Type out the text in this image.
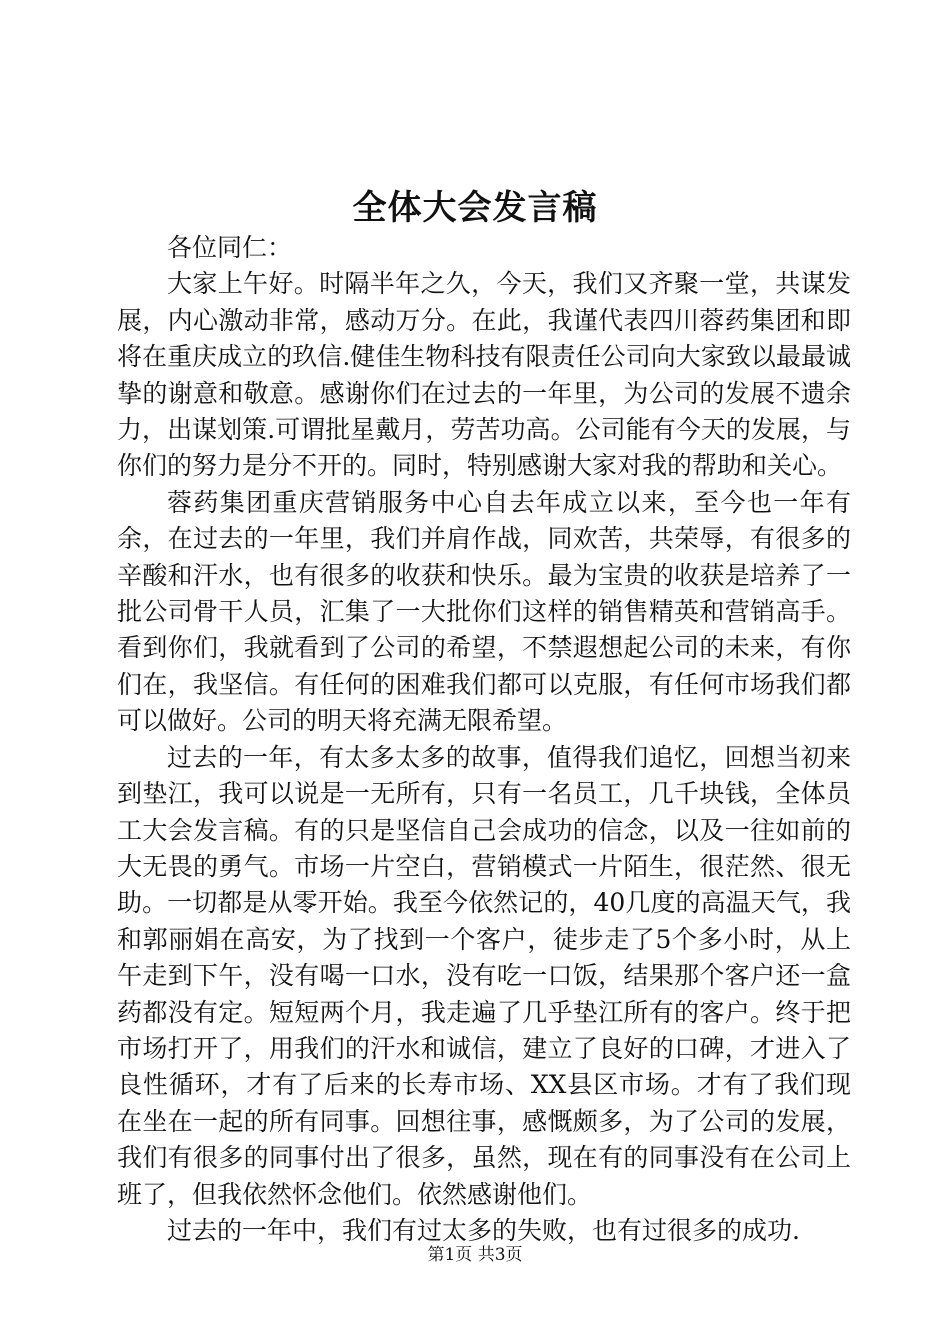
全体大会发言稿

各位同仁：

大家上午好。时隔半年之久，今天，我们又齐聚一堂，共谋发展，内心激动非常，感动万分。在此，我谨代表四川蓉药集团和即将在重庆成立的玖信.健佳生物科技有限责任公司向大家致以最最诚挚的谢意和敬意。感谢你们在过去的一年里，为公司的发展不遗余力，出谋划策.可谓批星戴月，劳苦功高。公司能有今天的发展，与你们的努力是分不开的。同时，特别感谢大家对我的帮助和关心。

蓉药集团重庆营销服务中心自去年成立以来，至今也一年有余，在过去的一年里，我们并肩作战，同欢苦，共荣辱，有很多的辛酸和汗水，也有很多的收获和快乐。最为宝贵的收获是培养了一批公司骨干人员，汇集了一大批你们这样的销售精英和营销高手。看到你们，我就看到了公司的希望，不禁遐想起公司的未来，有你们在，我坚信。有任何的困难我们都可以克服，有任何市场我们都可以做好。公司的明天将充满无限希望。

过去的一年，有太多太多的故事，值得我们追忆，回想当初来到垫江，我可以说是一无所有，只有一名员工，几千块钱，全体员工大会发言稿。有的只是坚信自己会成功的信念，以及一往如前的大无畏的勇气。市场一片空白，营销模式一片陌生，很茫然、很无助。一切都是从零开始。我至今依然记的，40几度的高温天气，我和郭丽娟在高安，为了找到一个客户，徒步走了5个多小时，从上午走到下午，没有喝一口水，没有吃一口饭，结果那个客户还一盒药都没有定。短短两个月，我走遍了几乎垫江所有的客户。终于把市场打开了，用我们的汗水和诚信，建立了良好的口碑，才进入了良性循环，才有了后来的长寿市场、XX县区市场。才有了我们现在坐在一起的所有同事。回想往事，感慨颇多，为了公司的发展，我们有很多的同事付出了很多，虽然，现在有的同事没有在公司上班了，但我依然怀念他们。依然感谢他们。

过去的一年中，我们有过太多的失败，也有过很多的成功.

第1页 共3页
